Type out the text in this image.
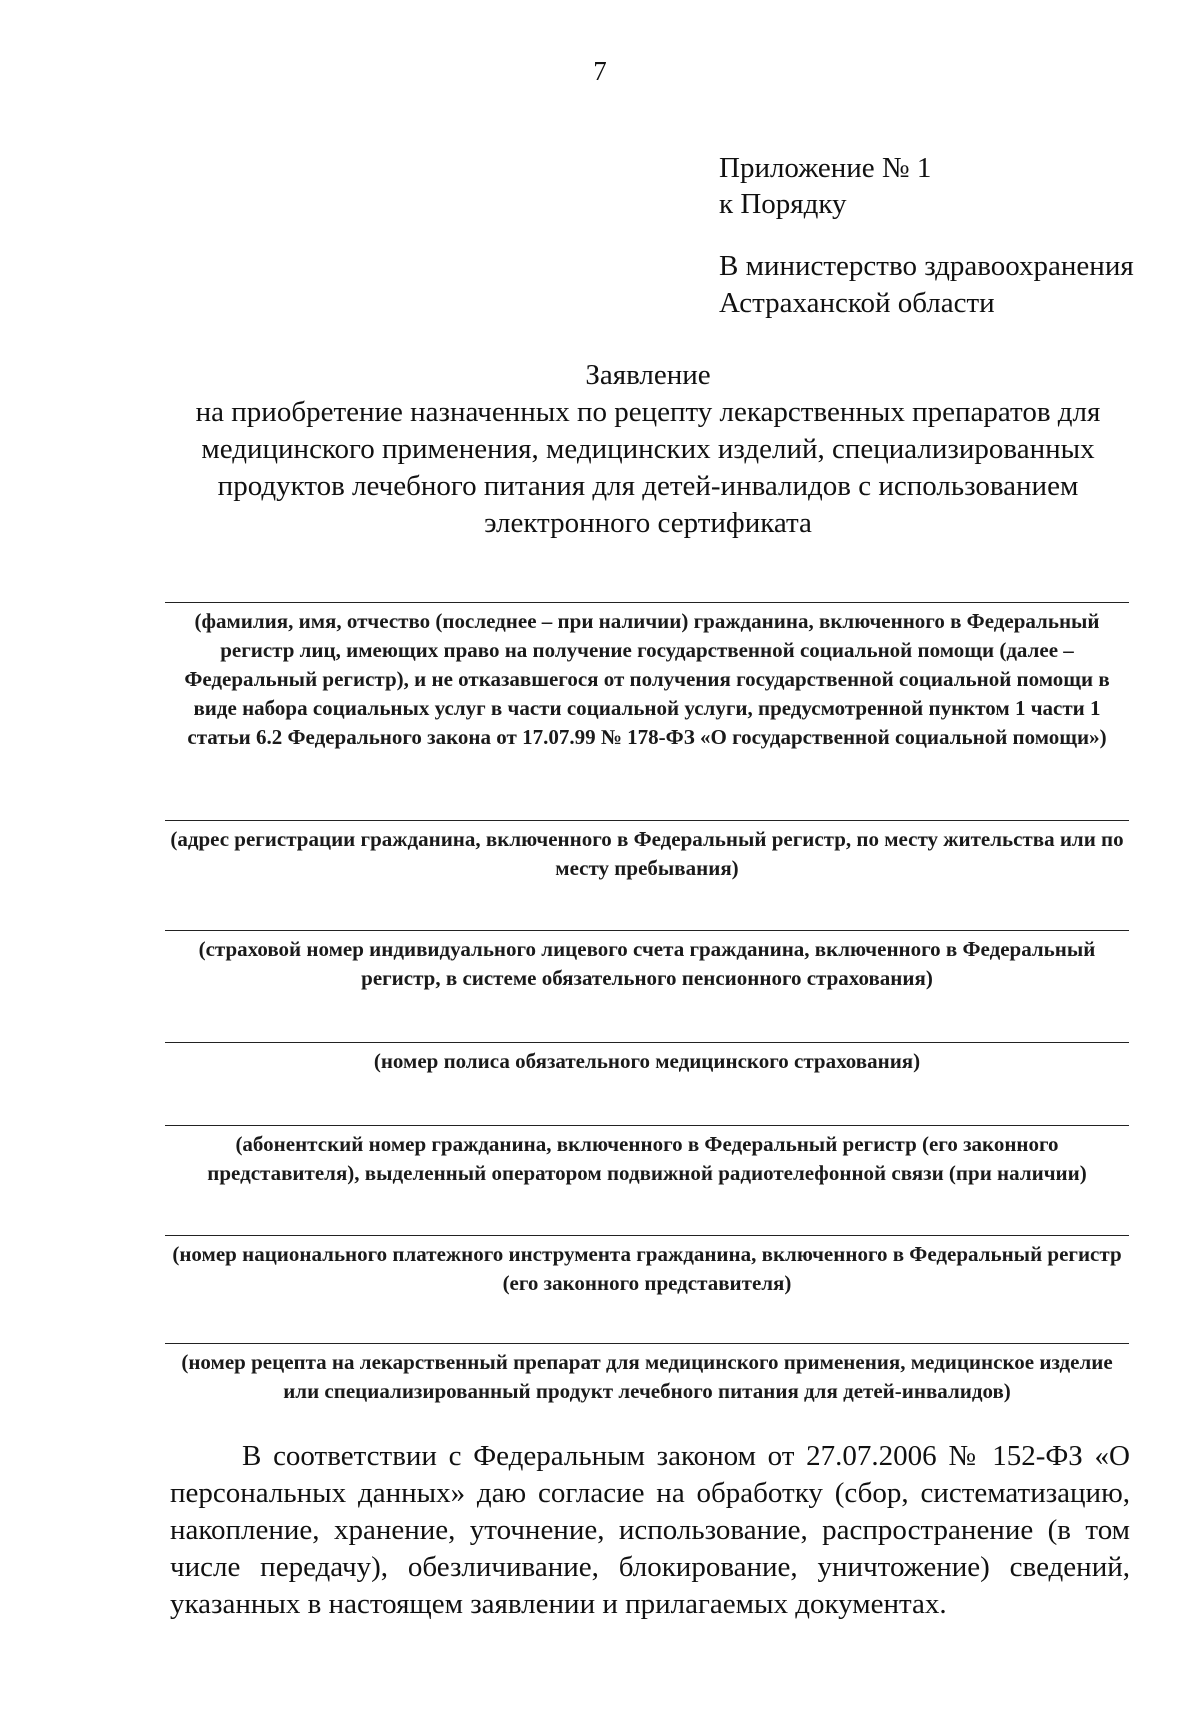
7
Приложение № 1
к Порядку
В министерство здравоохранения
Астраханской области
Заявление
на приобретение назначенных по рецепту лекарственных препаратов для медицинского применения, медицинских изделий, специализированных продуктов лечебного питания для детей-инвалидов с использованием электронного сертификата
(фамилия, имя, отчество (последнее – при наличии) гражданина, включенного в Федеральный регистр лиц, имеющих право на получение государственной социальной помощи (далее – Федеральный регистр), и не отказавшегося от получения государственной социальной помощи в виде набора социальных услуг в части социальной услуги, предусмотренной пунктом 1 части 1 статьи 6.2 Федерального закона от 17.07.99 № 178-ФЗ «О государственной социальной помощи»)
(адрес регистрации гражданина, включенного в Федеральный регистр, по месту жительства или по месту пребывания)
(страховой номер индивидуального лицевого счета гражданина, включенного в Федеральный регистр, в системе обязательного пенсионного страхования)
(номер полиса обязательного медицинского страхования)
(абонентский номер гражданина, включенного в Федеральный регистр (его законного представителя), выделенный оператором подвижной радиотелефонной связи (при наличии)
(номер национального платежного инструмента гражданина, включенного в Федеральный регистр (его законного представителя)
(номер рецепта на лекарственный препарат для медицинского применения, медицинское изделие или специализированный продукт лечебного питания для детей-инвалидов)

В соответствии с Федеральным законом от 27.07.2006 № 152-ФЗ «О персональных данных» даю согласие на обработку (сбор, систематизацию, накопление, хранение, уточнение, использование, распространение (в том числе передачу), обезличивание, блокирование, уничтожение) сведений, указанных в настоящем заявлении и прилагаемых документах.
